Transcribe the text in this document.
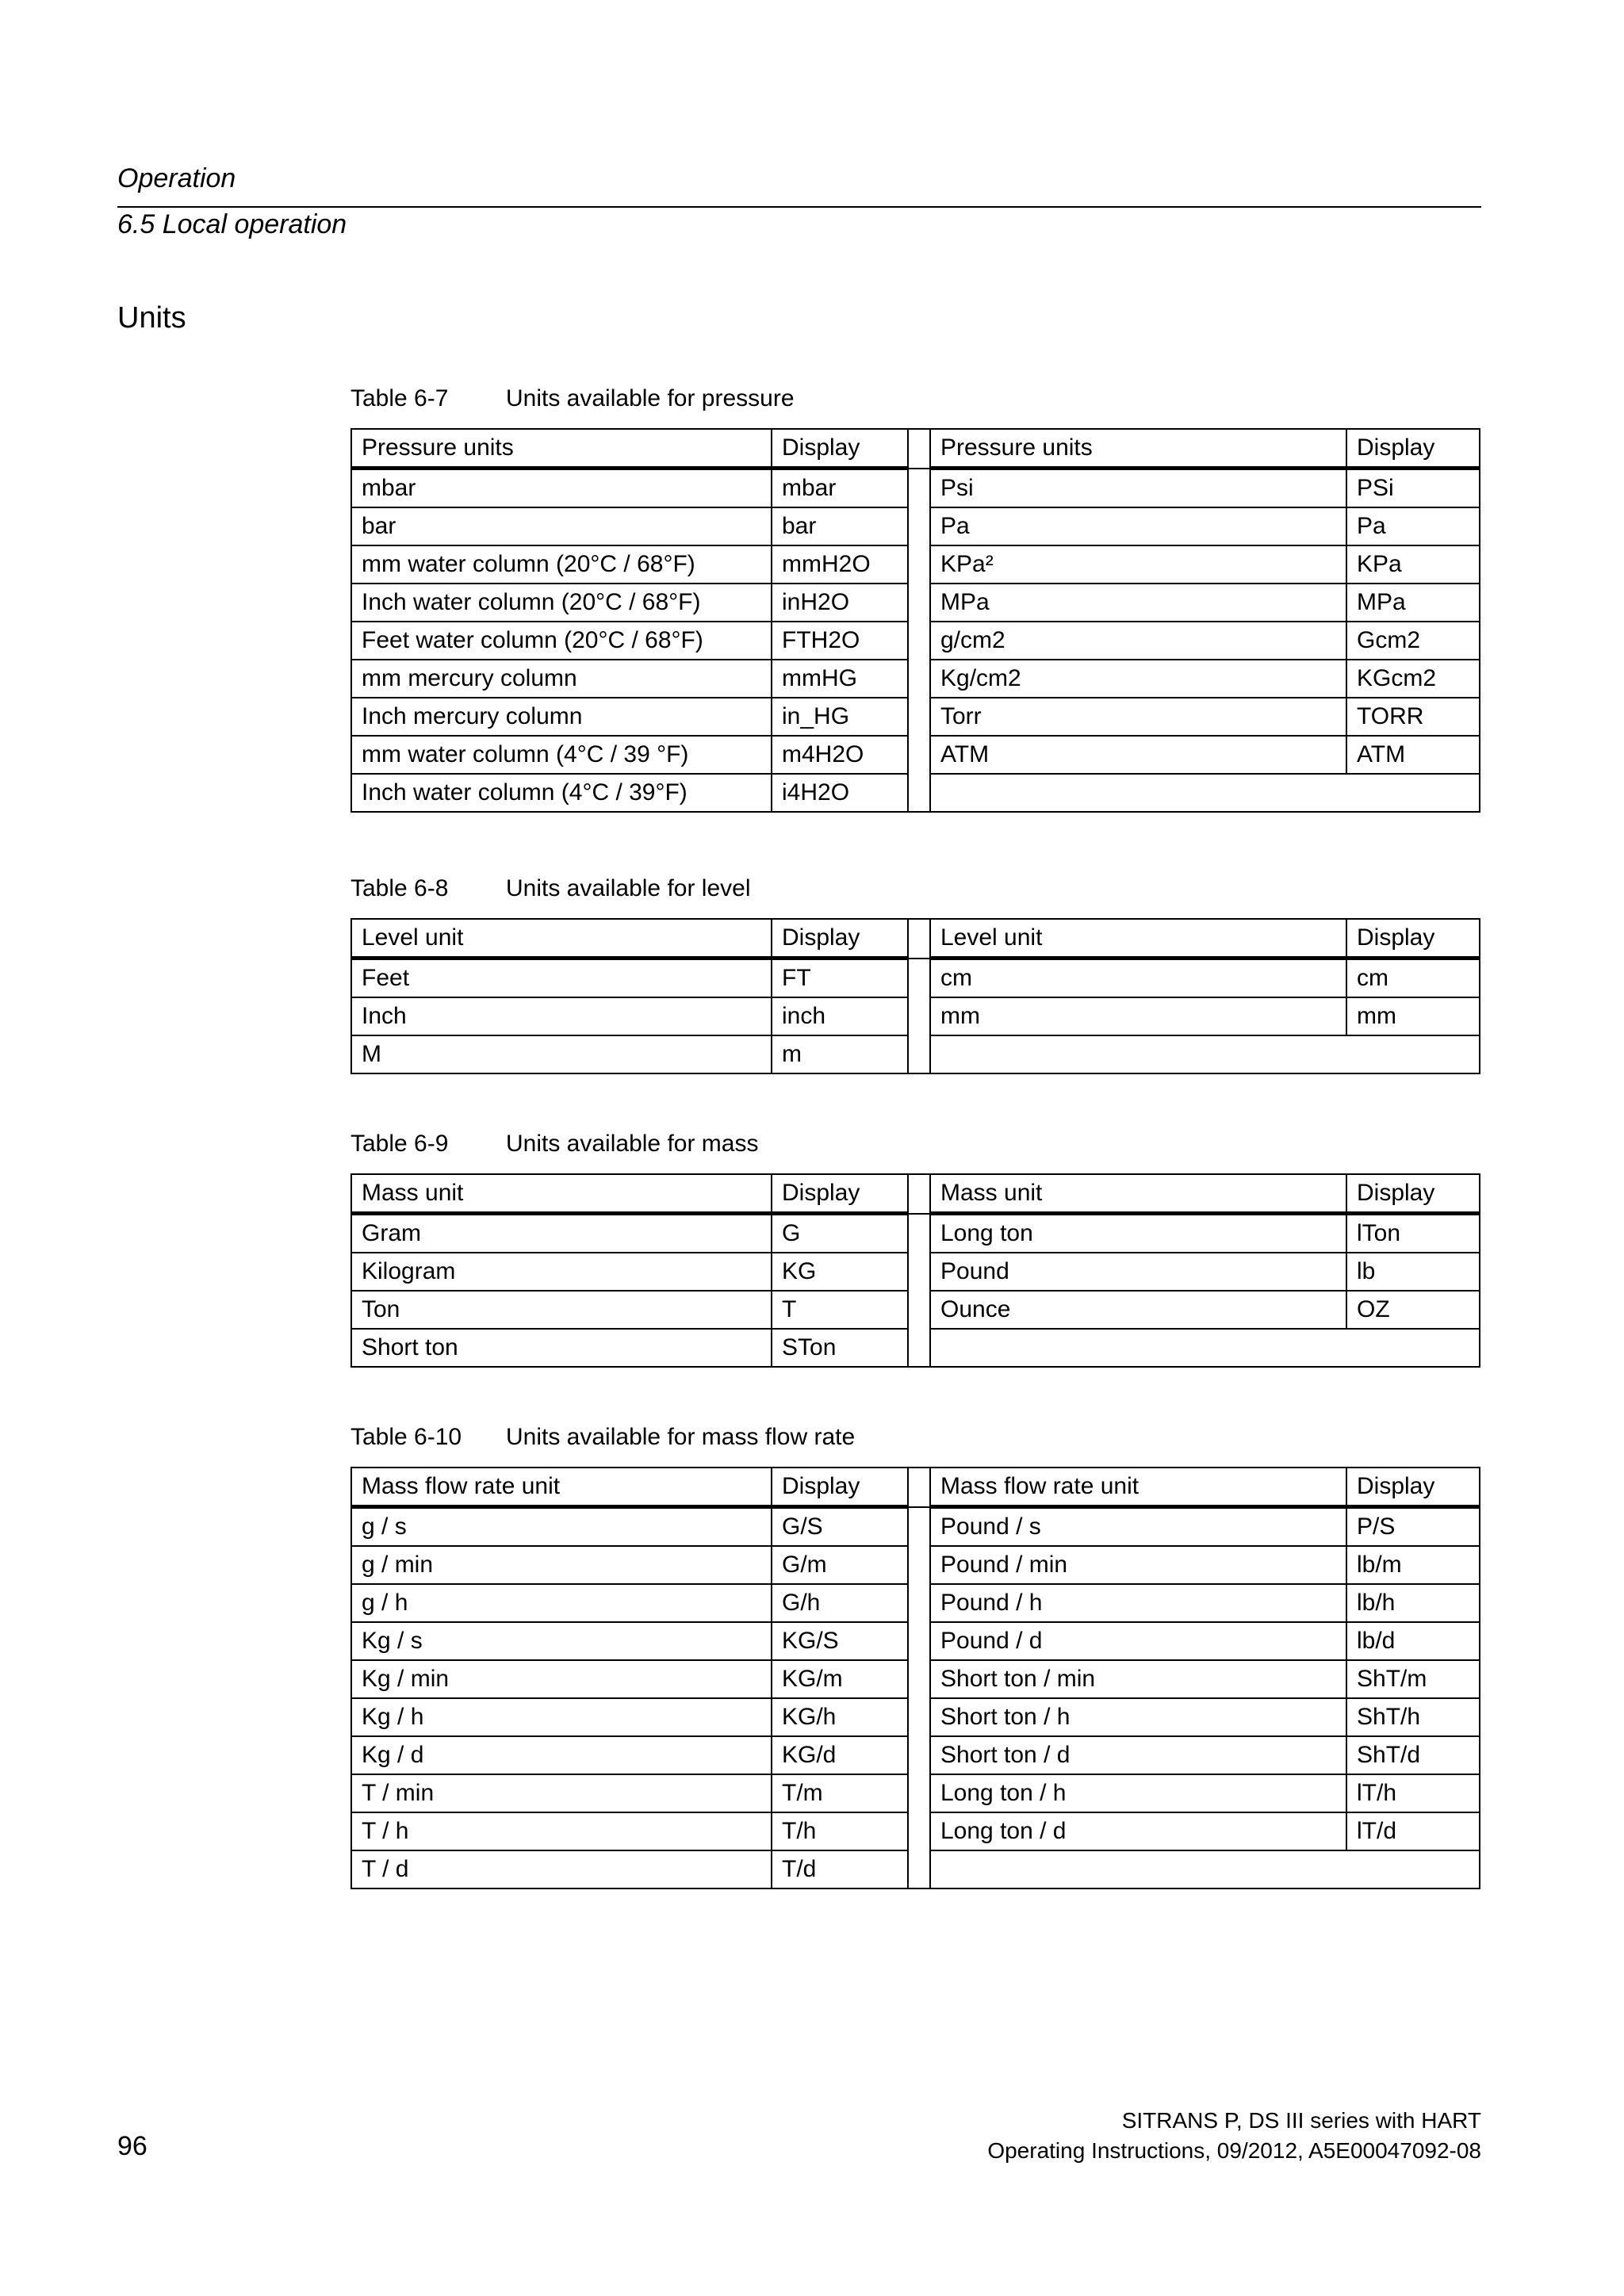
Operation
6.5 Local operation
Units
Table 6-7 Units available for pressure
Pressure units	Display		Pressure units	Display
mbar	mbar		Psi	PSi
bar	bar		Pa	Pa
mm water column (20°C / 68°F)	mmH2O		KPa²	KPa
Inch water column (20°C / 68°F)	inH2O		MPa	MPa
Feet water column (20°C / 68°F)	FTH2O		g/cm2	Gcm2
mm mercury column	mmHG		Kg/cm2	KGcm2
Inch mercury column	in_HG		Torr	TORR
mm water column (4°C / 39 °F)	m4H2O		ATM	ATM
Inch water column (4°C / 39°F)	i4H2O			
Table 6-8 Units available for level
Level unit	Display		Level unit	Display
Feet	FT		cm	cm
Inch	inch		mm	mm
M	m			
Table 6-9 Units available for mass
Mass unit	Display		Mass unit	Display
Gram	G		Long ton	lTon
Kilogram	KG		Pound	lb
Ton	T		Ounce	OZ
Short ton	STon			
Table 6-10 Units available for mass flow rate
Mass flow rate unit	Display		Mass flow rate unit	Display
g / s	G/S		Pound / s	P/S
g / min	G/m		Pound / min	lb/m
g / h	G/h		Pound / h	lb/h
Kg / s	KG/S		Pound / d	lb/d
Kg / min	KG/m		Short ton / min	ShT/m
Kg / h	KG/h		Short ton / h	ShT/h
Kg / d	KG/d		Short ton / d	ShT/d
T / min	T/m		Long ton / h	lT/h
T / h	T/h		Long ton / d	lT/d
T / d	T/d			
96
SITRANS P, DS III series with HART
Operating Instructions, 09/2012, A5E00047092-08
